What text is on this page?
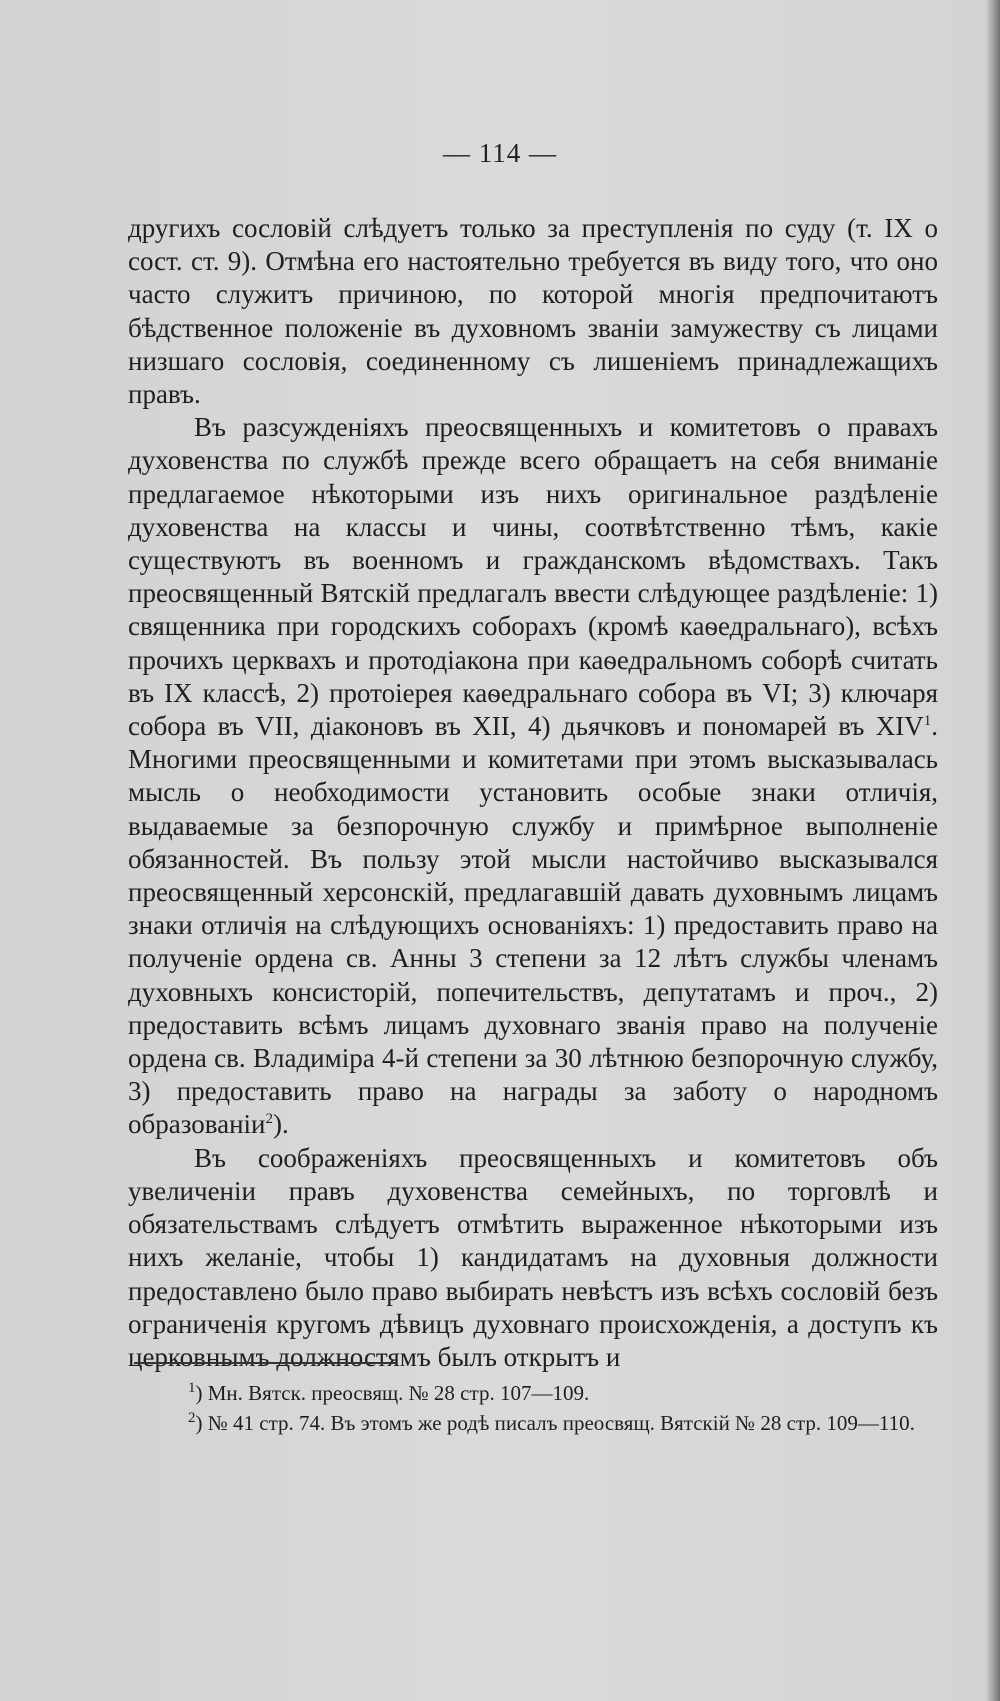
— 114 —

другихъ сословій слѣдуетъ только за преступленія по суду (т. IX о сост. ст. 9). Отмѣна его настоятельно требуется въ виду того, что оно часто служитъ причиною, по которой многія предпочитаютъ бѣдственное положеніе въ духовномъ званіи замужеству съ лицами низшаго сословія, соединенному съ лишеніемъ принадлежащихъ правъ.

Въ разсужденіяхъ преосвященныхъ и комитетовъ о правахъ духовенства по службѣ прежде всего обращаетъ на себя вниманіе предлагаемое нѣкоторыми изъ нихъ оригинальное раздѣленіе духовенства на классы и чины, соотвѣтственно тѣмъ, какіе существуютъ въ военномъ и гражданскомъ вѣдомствахъ. Такъ преосвященный Вятскій предлагалъ ввести слѣдующее раздѣленіе: 1) священника при городскихъ соборахъ (кромѣ каѳедральнаго), всѣхъ прочихъ церквахъ и протодіакона при каѳедральномъ соборѣ считать въ IX классѣ, 2) протоіерея каѳедральнаго собора въ VI; 3) ключаря собора въ VII, діаконовъ въ XII, 4) дьячковъ и пономарей въ XIV$^1$. Многими преосвященными и комитетами при этомъ высказывалась мысль о необходимости установить особые знаки отличія, выдаваемые за безпорочную службу и примѣрное выполненіе обязанностей. Въ пользу этой мысли настойчиво высказывался преосвященный херсонскій, предлагавшій давать духовнымъ лицамъ знаки отличія на слѣдующихъ основаніяхъ: 1) предоставить право на полученіе ордена св. Анны 3 степени за 12 лѣтъ службы членамъ духовныхъ консисторій, попечительствъ, депутатамъ и проч., 2) предоставить всѣмъ лицамъ духовнаго званія право на полученіе ордена св. Владиміра 4-й степени за 30 лѣтнюю безпорочную службу, 3) предоставить право на награды за заботу о народномъ образованіи$^2$).

Въ соображеніяхъ преосвященныхъ и комитетовъ объ увеличеніи правъ духовенства семейныхъ, по торговлѣ и обязательствамъ слѣдуетъ отмѣтить выраженное нѣкоторыми изъ нихъ желаніе, чтобы 1) кандидатамъ на духовныя должности предоставлено было право выбирать невѣстъ изъ всѣхъ сословій безъ ограниченія кругомъ дѣвицъ духовнаго происхожденія, а доступъ къ церковнымъ должностямъ былъ открытъ и

$^1$) Мн. Вятск. преосвящ. № 28 стр. 107—109.

$^2$) № 41 стр. 74. Въ этомъ же родѣ писалъ преосвящ. Вятскій № 28 стр. 109—110.
